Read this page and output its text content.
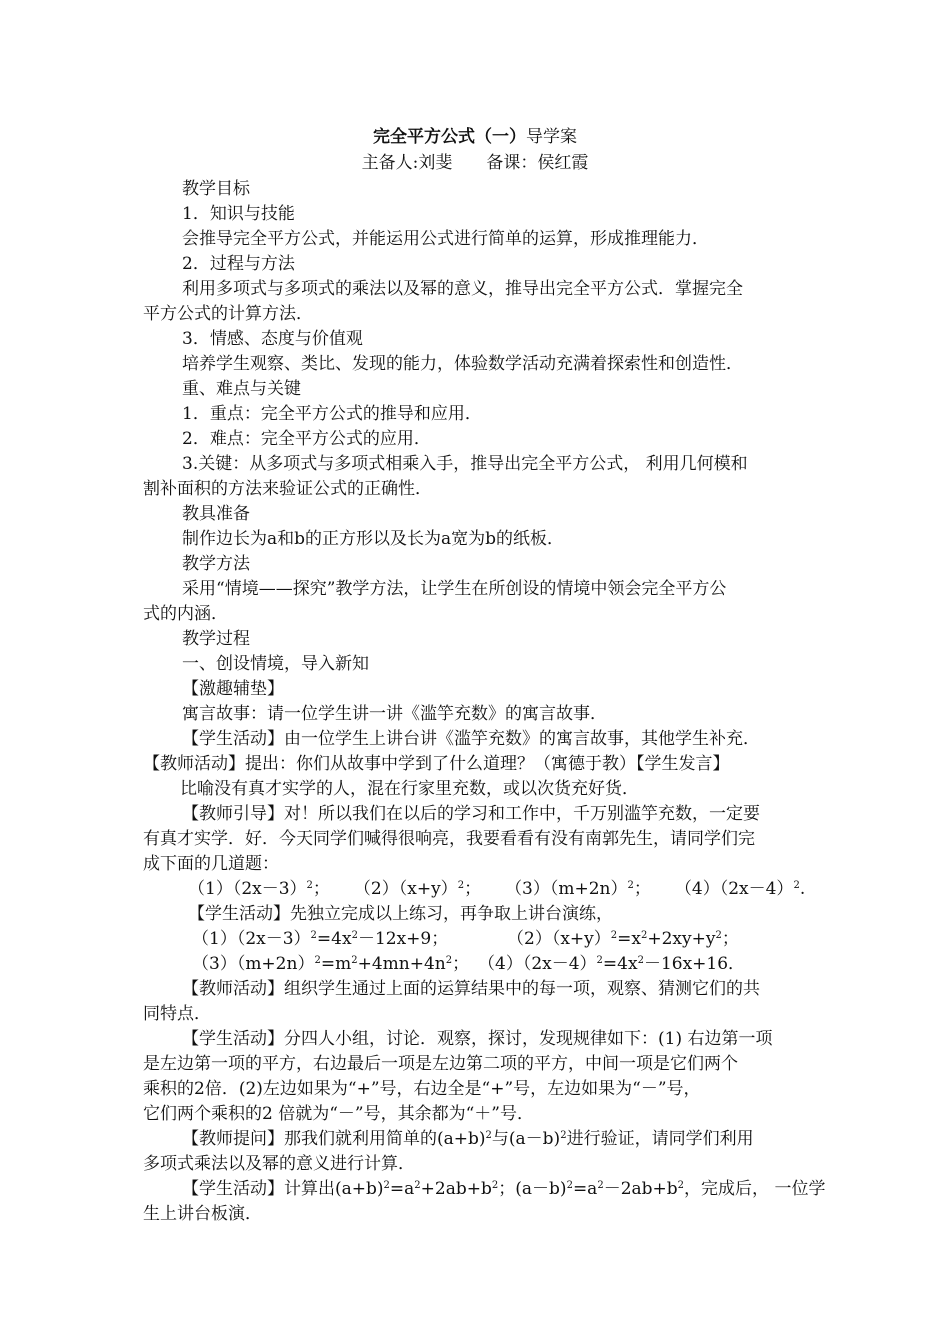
完全平方公式（一）导学案
主备人:刘斐　　备课：侯红霞
教学目标
1．知识与技能
会推导完全平方公式，并能运用公式进行简单的运算，形成推理能力．
2．过程与方法
利用多项式与多项式的乘法以及幂的意义，推导出完全平方公式．掌握完全
平方公式的计算方法．
3．情感、态度与价值观
培养学生观察、类比、发现的能力，体验数学活动充满着探索性和创造性．
重、难点与关键
1．重点：完全平方公式的推导和应用．
2．难点：完全平方公式的应用．
3.关键：从多项式与多项式相乘入手，推导出完全平方公式， 利用几何模和
割补面积的方法来验证公式的正确性．
教具准备
制作边长为a和b的正方形以及长为a宽为b的纸板．
教学方法
采用“情境——探究”教学方法，让学生在所创设的情境中领会完全平方公
式的内涵．
教学过程
一、创设情境，导入新知
【激趣辅垫】
寓言故事：请一位学生讲一讲《滥竽充数》的寓言故事．
【学生活动】由一位学生上讲台讲《滥竽充数》的寓言故事，其他学生补充．
【教师活动】提出：你们从故事中学到了什么道理？（寓德于教）【学生发言】
比喻没有真才实学的人，混在行家里充数，或以次货充好货．
【教师引导】对！所以我们在以后的学习和工作中，千万别滥竽充数，一定要
有真才实学．好．今天同学们喊得很响亮，我要看看有没有南郭先生，请同学们完
成下面的几道题：
$(1)(2x-3)^2$； $(2)(x+y)^2$； $(3)(m+2n)^2$； $(4)(2x-4)^2$.
【学生活动】先独立完成以上练习，再争取上讲台演练，
$(1)(2x-3)^2=4x^2-12x+9$；	$(2)(x+y)^2=x^2+2xy+y^2$；
$(3)(m+2n)^2=m^2+4mn+4n^2$； $(4)(2x-4)^2=4x^2-16x+16$．
【教师活动】组织学生通过上面的运算结果中的每一项，观察、猜测它们的共
同特点．
【学生活动】分四人小组，讨论．观察，探讨，发现规律如下：(1) 右边第一项
是左边第一项的平方，右边最后一项是左边第二项的平方，中间一项是它们两个
乘积的2倍．(2)左边如果为“+”号，右边全是“+”号，左边如果为“－”号，
它们两个乘积的2 倍就为“－”号，其余都为“＋”号．
【教师提问】那我们就利用简单的$(a+b)^2$与$(a-b)^2$进行验证，请同学们利用
多项式乘法以及幂的意义进行计算．
【学生活动】计算出$(a+b)^2=a^2+2ab+b^2$；$(a-b)^2=a^2-2ab+b^2$，完成后， 一位学
生上讲台板演．
